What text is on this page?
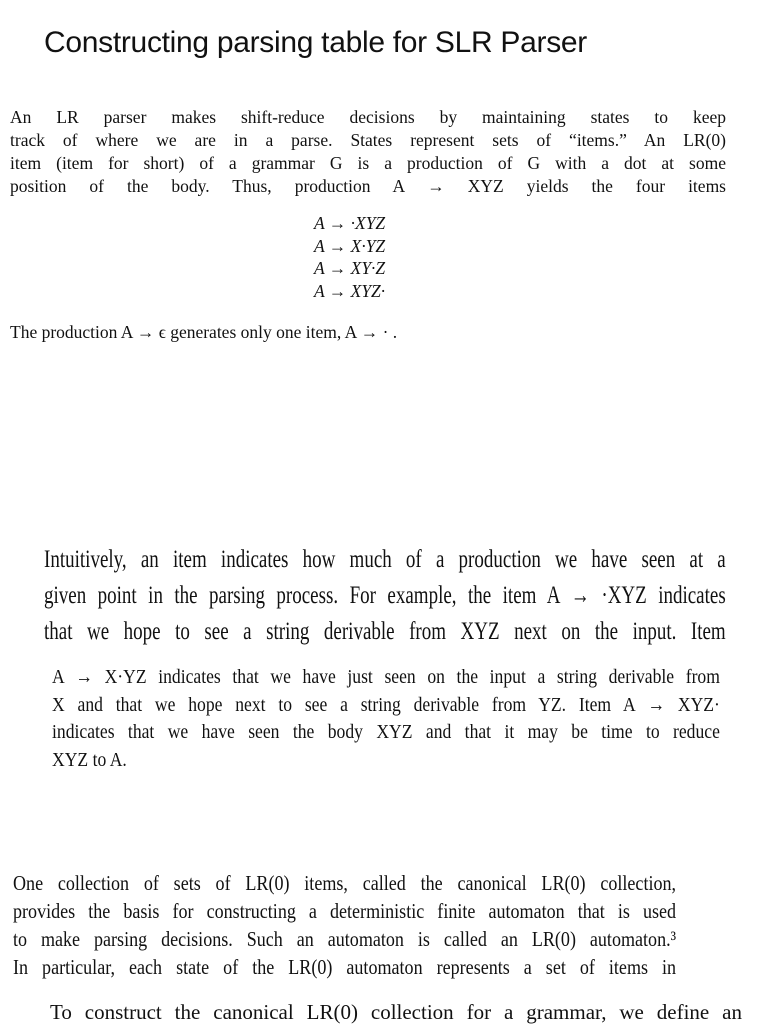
Constructing parsing table for SLR Parser
An LR parser makes shift-reduce decisions by maintaining states to keep
track of where we are in a parse. States represent sets of “items.” An LR(0)
item (item for short) of a grammar G is a production of G with a dot at some
position of the body. Thus, production A → XYZ yields the four items
A → ·XYZ
A → X·YZ
A → XY·Z
A → XYZ·

The production A → ϵ generates only one item, A → · .

Intuitively, an item indicates how much of a production we have seen at a
given point in the parsing process. For example, the item A → ·XYZ indicates
that we hope to see a string derivable from XYZ next on the input. Item
A → X·YZ indicates that we have just seen on the input a string derivable from
X and that we hope next to see a string derivable from YZ. Item A → XYZ·
indicates that we have seen the body XYZ and that it may be time to reduce
XYZ to A.
One collection of sets of LR(0) items, called the canonical LR(0) collection,
provides the basis for constructing a deterministic finite automaton that is used
to make parsing decisions. Such an automaton is called an LR(0) automaton.³
In particular, each state of the LR(0) automaton represents a set of items in
To construct the canonical LR(0) collection for a grammar, we define an
